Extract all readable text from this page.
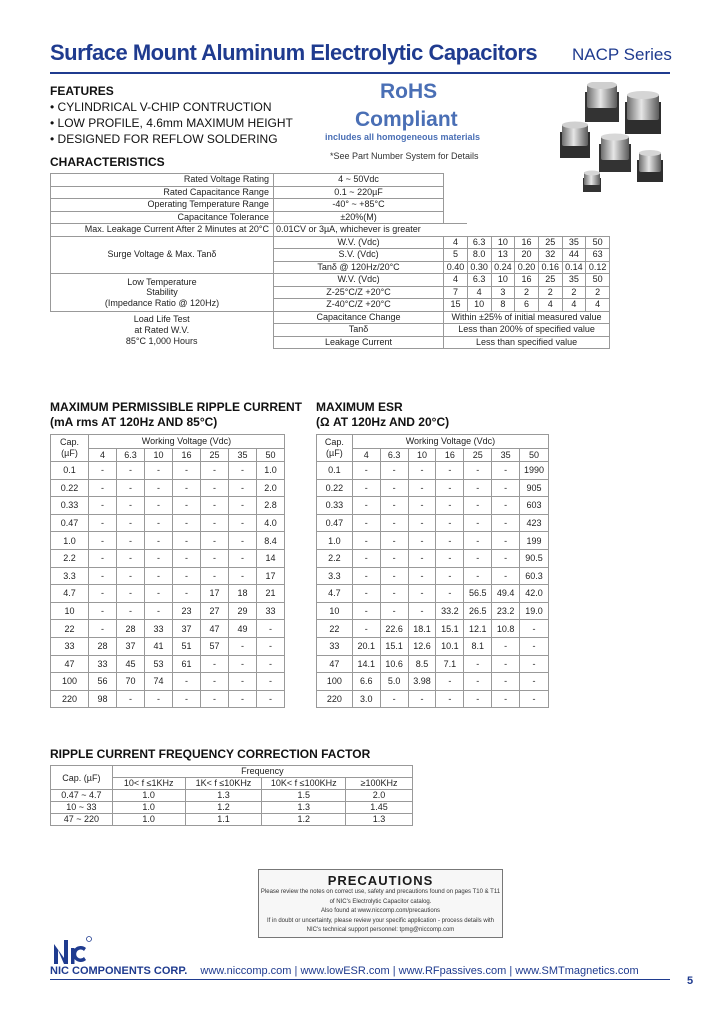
Surface Mount Aluminum Electrolytic Capacitors NACP Series
FEATURES
• CYLINDRICAL V-CHIP CONTRUCTION
• LOW PROFILE, 4.6mm MAXIMUM HEIGHT
• DESIGNED FOR REFLOW SOLDERING
RoHS
Compliant
includes all homogeneous materials
*See Part Number System for Details
CHARACTERISTICS
Rated Voltage Rating	4 ~ 50Vdc							
Rated Capacitance Range	0.1 ~ 220µF							
Operating Temperature Range	-40° ~ +85°C							
Capacitance Tolerance	±20%(M)							
Max. Leakage Current After 2 Minutes at 20°C	0.01CV or 3µA, whichever is greater							
Surge Voltage & Max. Tanδ	W.V. (Vdc)	4	6.3	10	16	25	35	50
	S.V. (Vdc)	5	8.0	13	20	32	44	63
	Tanδ @ 120Hz/20°C	0.40	0.30	0.24	0.20	0.16	0.14	0.12

Low Temperature
Stability
(Impedance Ratio @ 120Hz)	W.V. (Vdc)	4	6.3	10	16	25	35	50
	Z-25°C/Z +20°C	7	4	3	2	2	2	2
	Z-40°C/Z +20°C	15	10	8	6	4	4	4

Load Life Test
at Rated W.V.
85°C 1,000 Hours	Capacitance Change	Within ±25% of initial measured value						
	Tanδ	Less than 200% of specified value						
	Leakage Current	Less than specified value						
MAXIMUM PERMISSIBLE RIPPLE CURRENT
(mA rms AT 120Hz AND 85°C)
Cap.
(µF)	Working Voltage (Vdc)						
	4	6.3	10	16	25	35	50
0.1	-	-	-	-	-	-	1.0
0.22	-	-	-	-	-	-	2.0
0.33	-	-	-	-	-	-	2.8
0.47	-	-	-	-	-	-	4.0
1.0	-	-	-	-	-	-	8.4
2.2	-	-	-	-	-	-	14
3.3	-	-	-	-	-	-	17
4.7	-	-	-	-	17	18	21
10	-	-	-	23	27	29	33
22	-	28	33	37	47	49	-
33	28	37	41	51	57	-	-
47	33	45	53	61	-	-	-
100	56	70	74	-	-	-	-
220	98	-	-	-	-	-	-
MAXIMUM ESR
(Ω AT 120Hz AND 20°C)
Cap.
(µF)	Working Voltage (Vdc)						
	4	6.3	10	16	25	35	50
0.1	-	-	-	-	-	-	1990
0.22	-	-	-	-	-	-	905
0.33	-	-	-	-	-	-	603
0.47	-	-	-	-	-	-	423
1.0	-	-	-	-	-	-	199
2.2	-	-	-	-	-	-	90.5
3.3	-	-	-	-	-	-	60.3
4.7	-	-	-	-	56.5	49.4	42.0
10	-	-	-	33.2	26.5	23.2	19.0
22	-	22.6	18.1	15.1	12.1	10.8	-
33	20.1	15.1	12.6	10.1	8.1	-	-
47	14.1	10.6	8.5	7.1	-	-	-
100	6.6	5.0	3.98	-	-	-	-
220	3.0	-	-	-	-	-	-
RIPPLE CURRENT FREQUENCY CORRECTION FACTOR
Cap. (µF)	Frequency			
	10< f ≤1KHz	1K< f ≤10KHz	10K< f ≤100KHz	≥100KHz
0.47 ~ 4.7	1.0	1.3	1.5	2.0
10 ~ 33	1.0	1.2	1.3	1.45
47 ~ 220	1.0	1.1	1.2	1.3
PRECAUTIONS
Please review the notes on correct use, safety and precautions found on pages T10 & T11
of NIC's Electrolytic Capacitor catalog.
Also found at www.niccomp.com/precautions
If in doubt or uncertainty, please review your specific application - process details with
NIC's technical support personnel: tpmg@niccomp.com
NIC COMPONENTS CORP. www.niccomp.com | www.lowESR.com | www.RFpassives.com | www.SMTmagnetics.com
5
